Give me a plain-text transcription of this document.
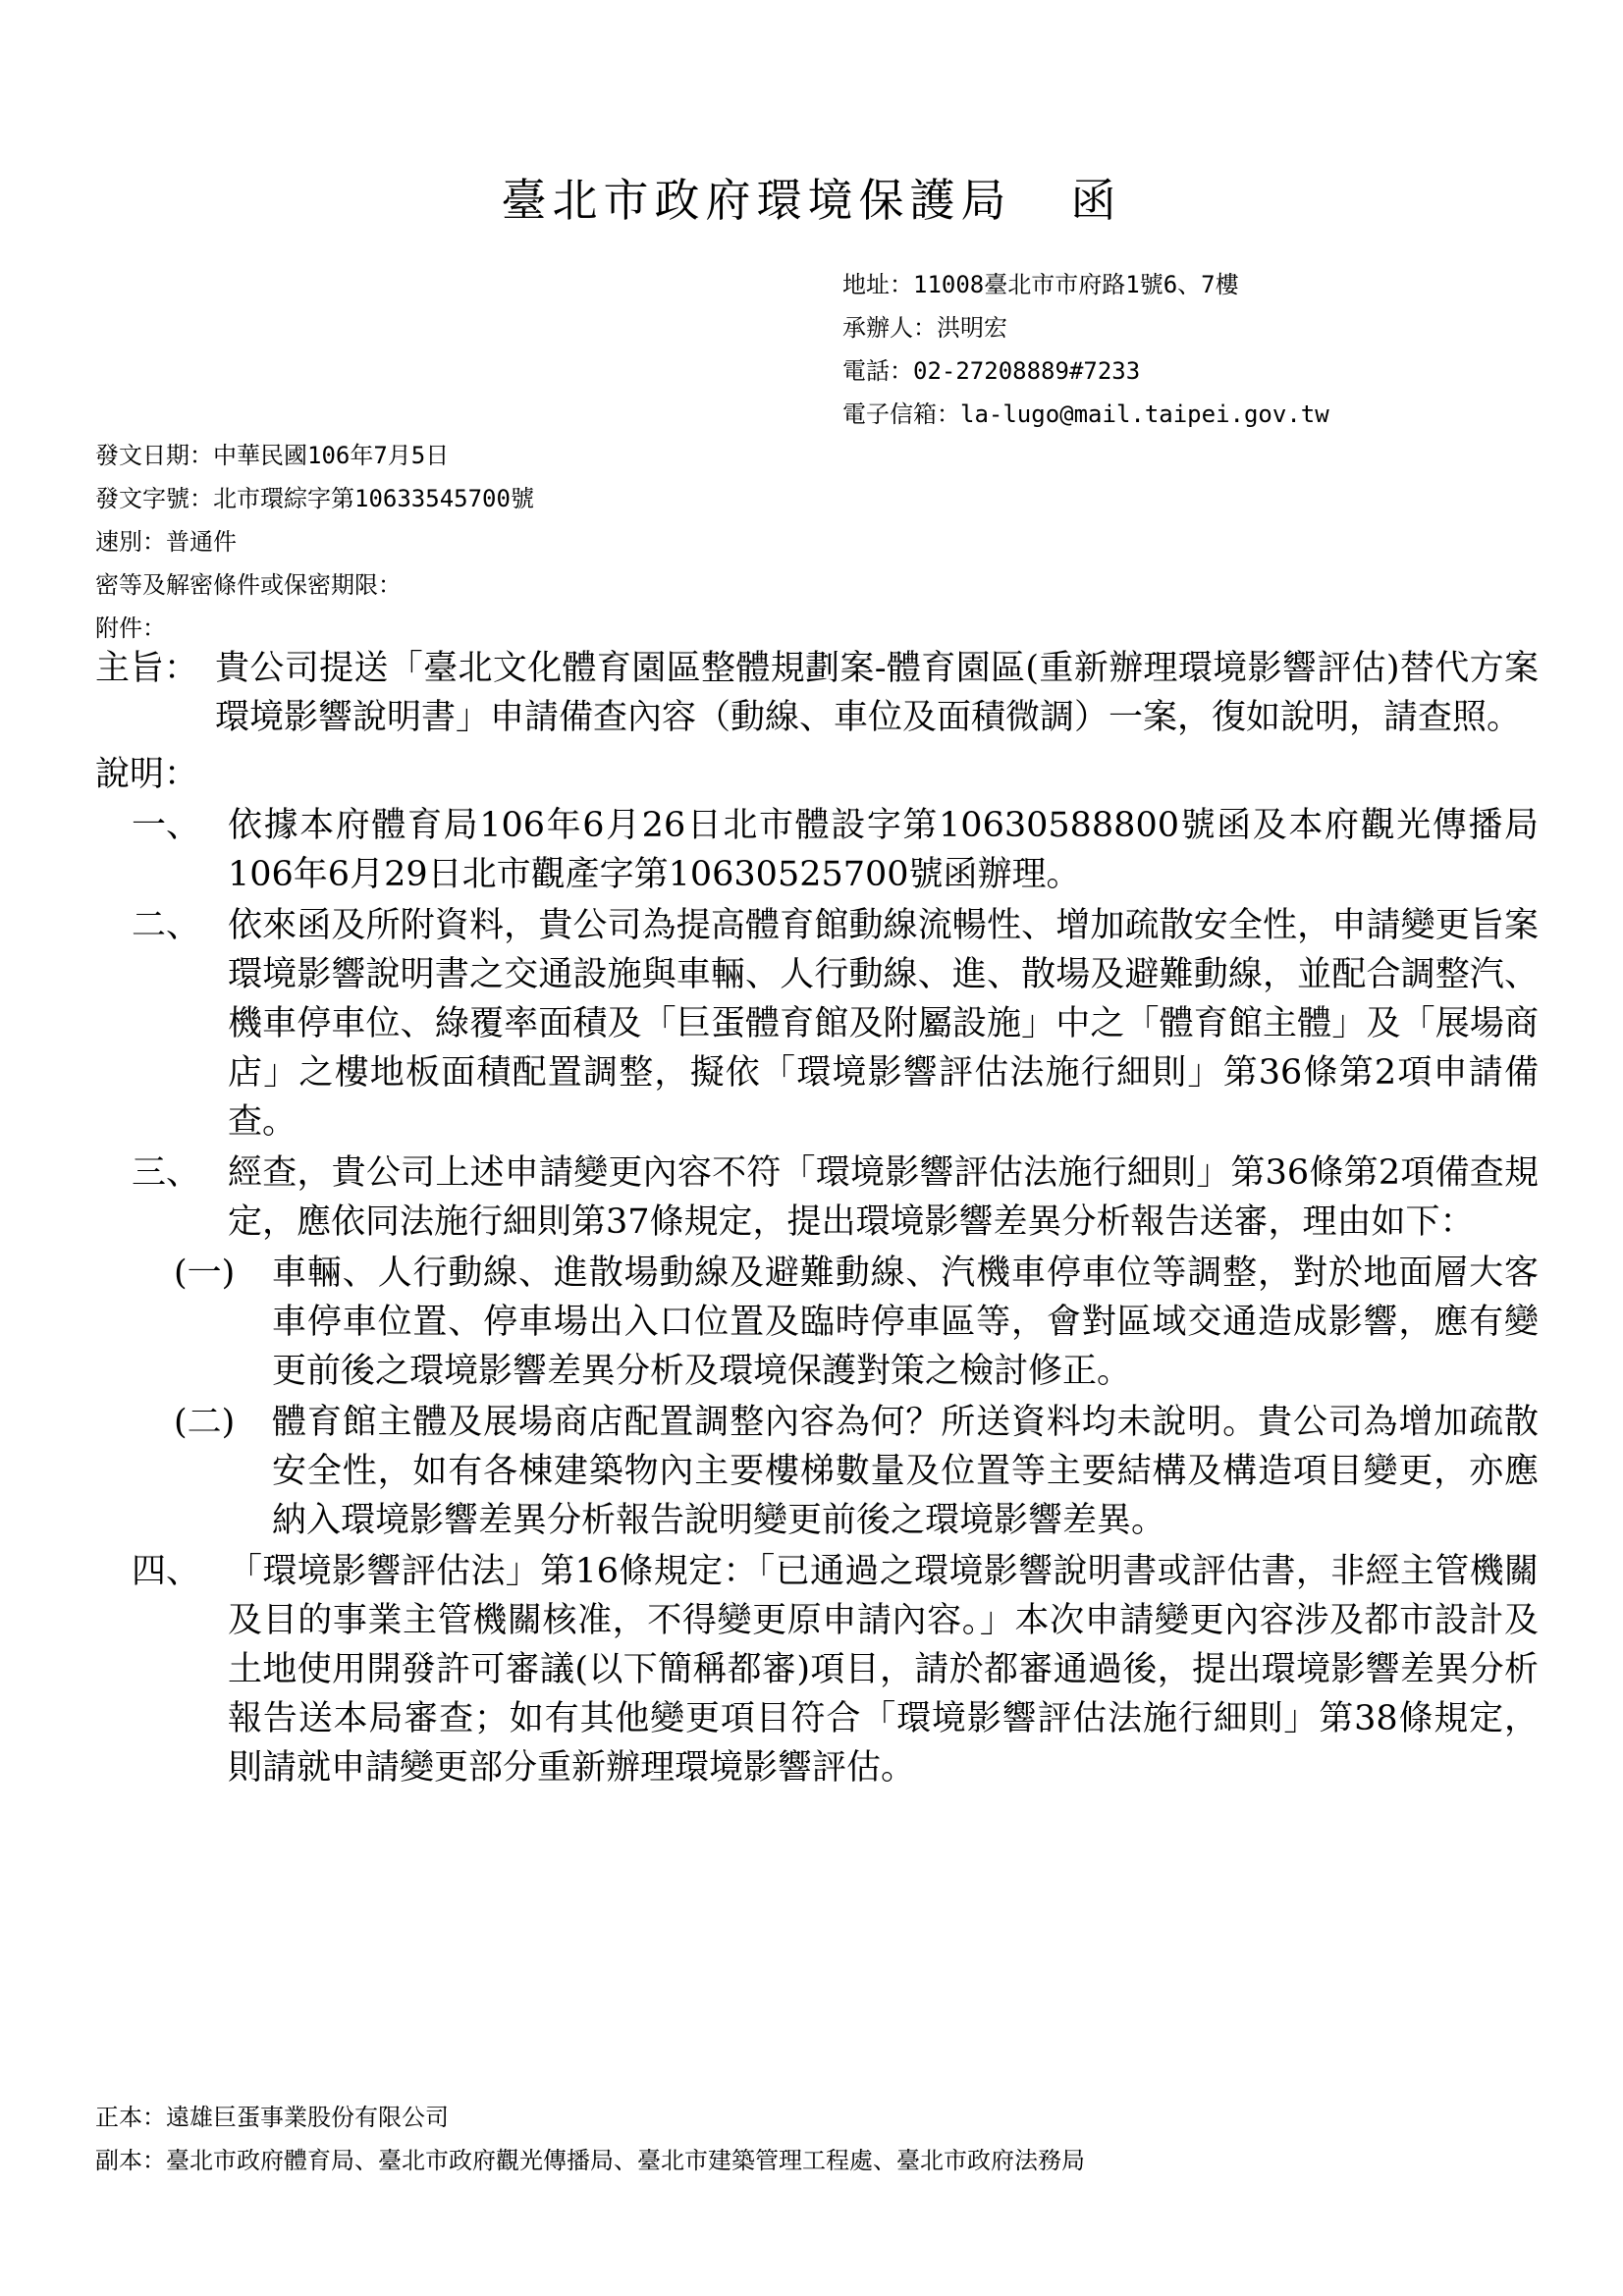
臺北市政府環境保護局 函
地址：11008臺北市市府路1號6、7樓
承辦人：洪明宏
電話：02-27208889#7233
電子信箱：la-lugo@mail.taipei.gov.tw
發文日期：中華民國106年7月5日
發文字號：北市環綜字第10633545700號
速別：普通件
密等及解密條件或保密期限：
附件：
主旨： 貴公司提送「臺北文化體育園區整體規劃案-體育園區(重新辦理環境影響評估)替代方案環境影響說明書」申請備查內容（動線、車位及面積微調）一案，復如說明，請查照。
說明：
一、 依據本府體育局106年6月26日北市體設字第10630588800號函及本府觀光傳播局106年6月29日北市觀產字第10630525700號函辦理。
二、 依來函及所附資料，貴公司為提高體育館動線流暢性、增加疏散安全性，申請變更旨案環境影響說明書之交通設施與車輛、人行動線、進、散場及避難動線，並配合調整汽、機車停車位、綠覆率面積及「巨蛋體育館及附屬設施」中之「體育館主體」及「展場商店」之樓地板面積配置調整，擬依「環境影響評估法施行細則」第36條第2項申請備查。
三、 經查，貴公司上述申請變更內容不符「環境影響評估法施行細則」第36條第2項備查規定，應依同法施行細則第37條規定，提出環境影響差異分析報告送審，理由如下：
(一)	車輛、人行動線、進散場動線及避難動線、汽機車停車位等調整，對於地面層大客車停車位置、停車場出入口位置及臨時停車區等，會對區域交通造成影響，應有變更前後之環境影響差異分析及環境保護對策之檢討修正。
(二)	體育館主體及展場商店配置調整內容為何？所送資料均未說明。貴公司為增加疏散安全性，如有各棟建築物內主要樓梯數量及位置等主要結構及構造項目變更，亦應納入環境影響差異分析報告說明變更前後之環境影響差異。
四、 「環境影響評估法」第16條規定：「已通過之環境影響說明書或評估書，非經主管機關及目的事業主管機關核准，不得變更原申請內容。」本次申請變更內容涉及都市設計及土地使用開發許可審議(以下簡稱都審)項目，請於都審通過後，提出環境影響差異分析報告送本局審查；如有其他變更項目符合「環境影響評估法施行細則」第38條規定，則請就申請變更部分重新辦理環境影響評估。
正本：遠雄巨蛋事業股份有限公司
副本：臺北市政府體育局、臺北市政府觀光傳播局、臺北市建築管理工程處、臺北市政府法務局
